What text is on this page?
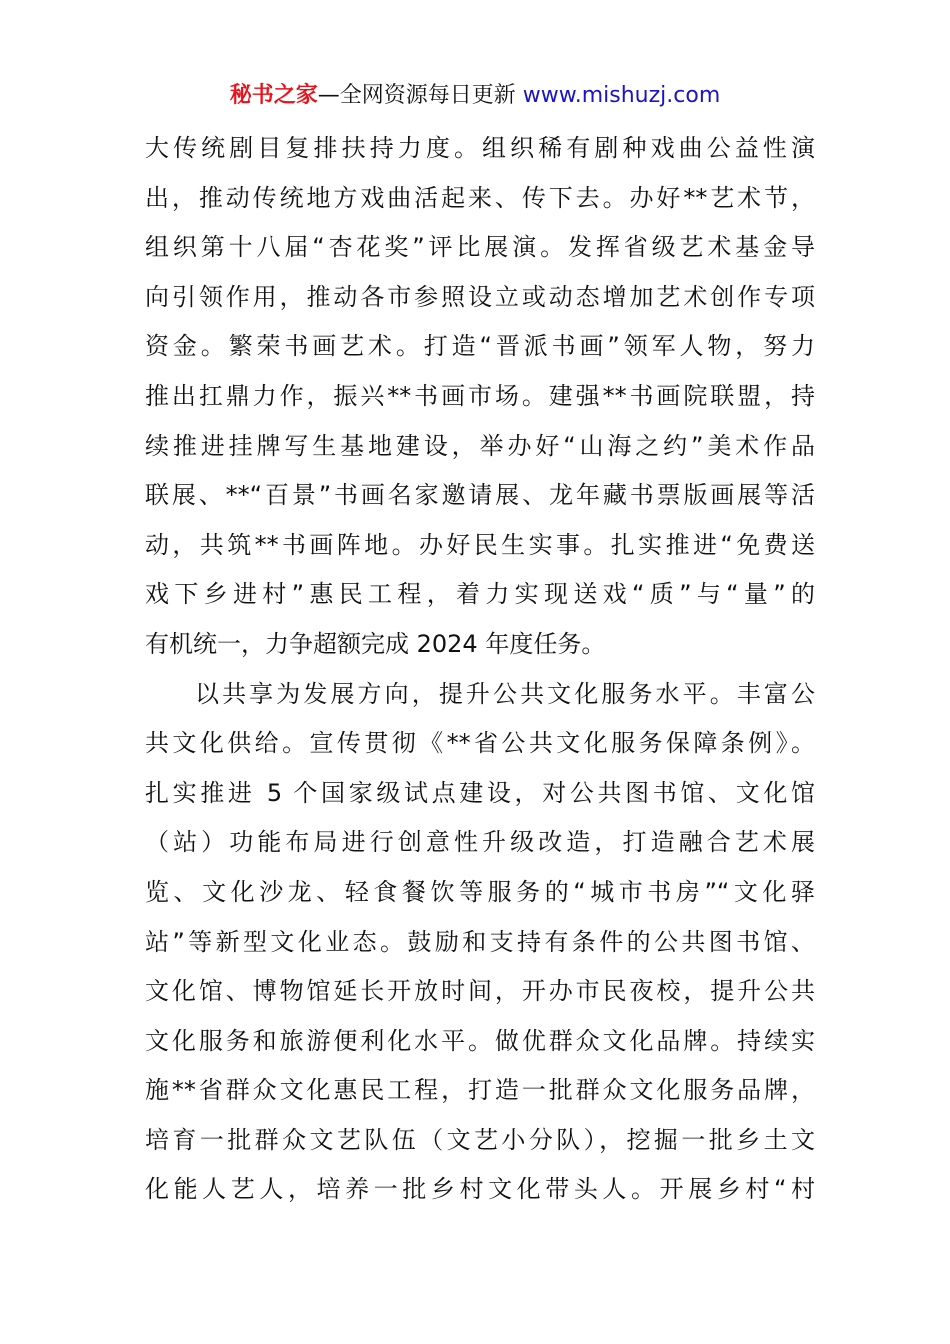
秘书之家—全网资源每日更新 www.mishuzj.com
大传统剧目复排扶持力度。组织稀有剧种戏曲公益性演
出，推动传统地方戏曲活起来、传下去。办好**艺术节，
组织第十八届“杏花奖”评比展演。发挥省级艺术基金导
向引领作用，推动各市参照设立或动态增加艺术创作专项
资金。繁荣书画艺术。打造“晋派书画”领军人物，努力
推出扛鼎力作，振兴**书画市场。建强**书画院联盟，持
续推进挂牌写生基地建设，举办好“山海之约”美术作品
联展、**“百景”书画名家邀请展、龙年藏书票版画展等活
动，共筑**书画阵地。办好民生实事。扎实推进“免费送
戏下乡进村”惠民工程，着力实现送戏“质”与“量”的
有机统一，力争超额完成 2024 年度任务。
以共享为发展方向，提升公共文化服务水平。丰富公
共文化供给。宣传贯彻《**省公共文化服务保障条例》。
扎实推进 5 个国家级试点建设，对公共图书馆、文化馆
（站）功能布局进行创意性升级改造，打造融合艺术展
览、文化沙龙、轻食餐饮等服务的“城市书房”“文化驿
站”等新型文化业态。鼓励和支持有条件的公共图书馆、
文化馆、博物馆延长开放时间，开办市民夜校，提升公共
文化服务和旅游便利化水平。做优群众文化品牌。持续实
施**省群众文化惠民工程，打造一批群众文化服务品牌，
培育一批群众文艺队伍（文艺小分队），挖掘一批乡土文
化能人艺人，培养一批乡村文化带头人。开展乡村“村
